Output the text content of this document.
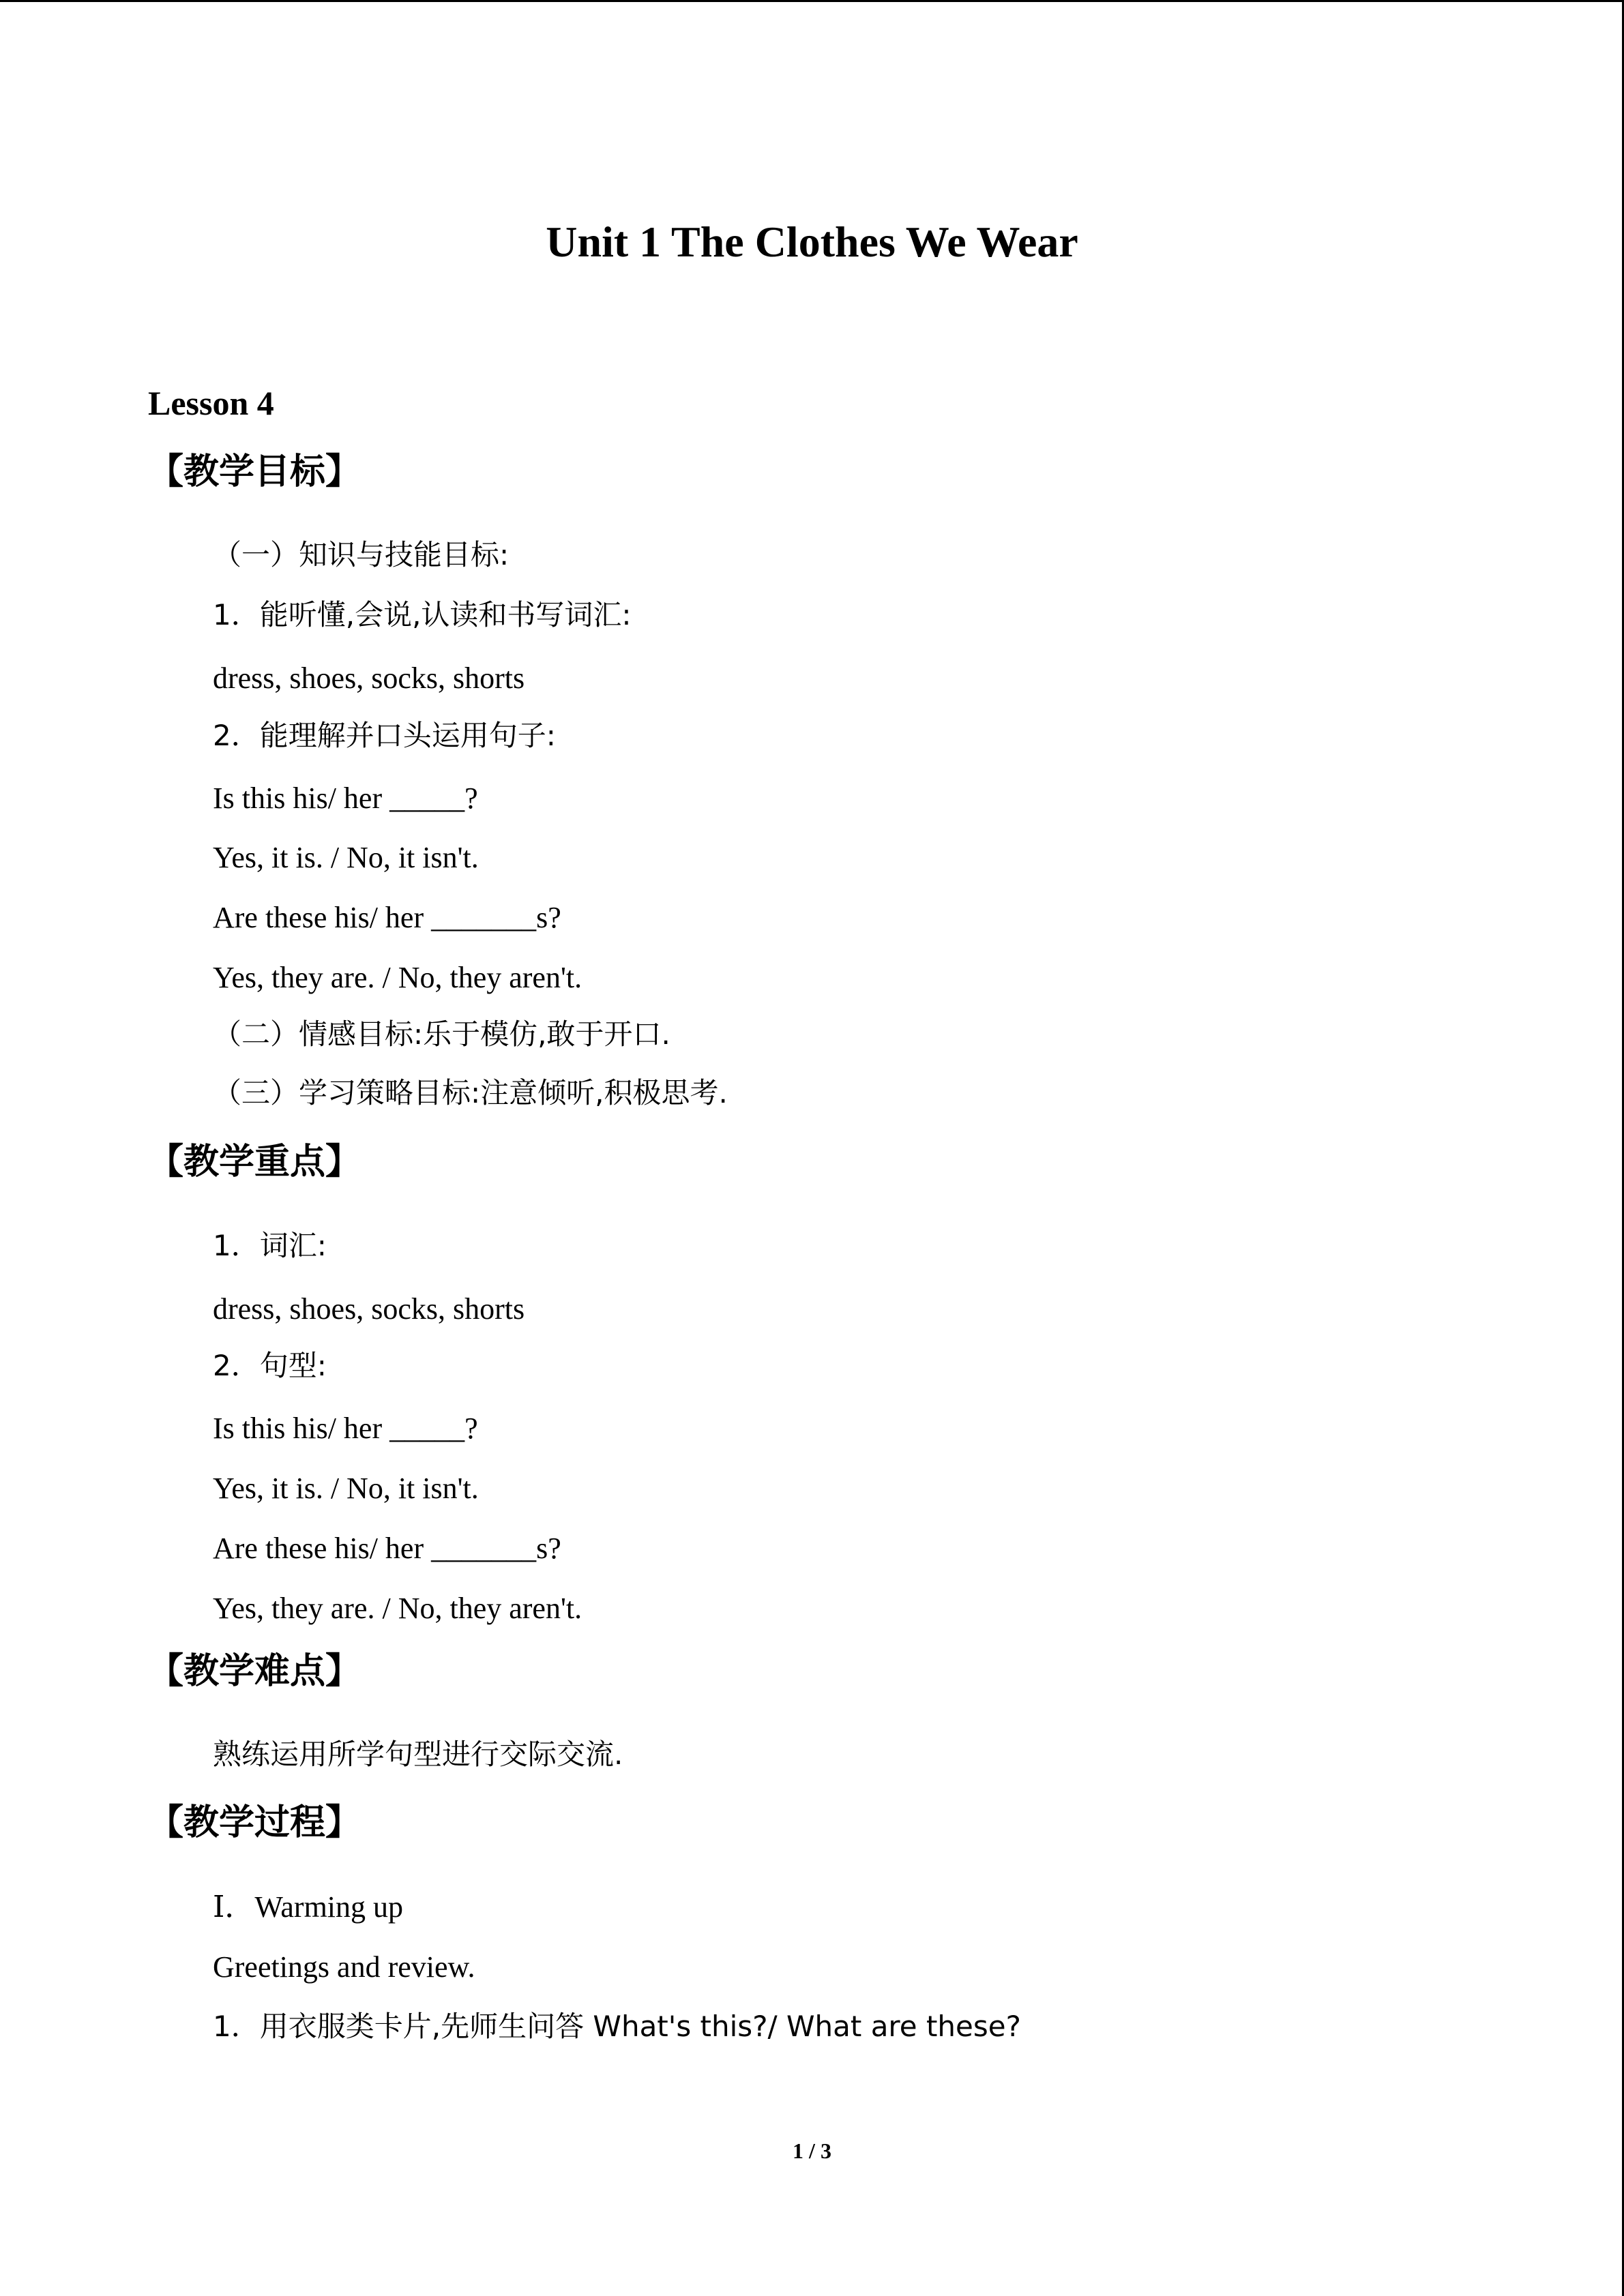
Unit 1 The Clothes We Wear
Lesson 4
【教学目标】
（一）知识与技能目标:
1．能听懂,会说,认读和书写词汇:
dress, shoes, socks, shorts
2．能理解并口头运用句子:
Is this his/ her _____?
Yes, it is. / No, it isn't.
Are these his/ her _______s?
Yes, they are. / No, they aren't.
（二）情感目标:乐于模仿,敢于开口.
（三）学习策略目标:注意倾听,积极思考.
【教学重点】
1．词汇:
dress, shoes, socks, shorts
2．句型:
Is this his/ her _____?
Yes, it is. / No, it isn't.
Are these his/ her _______s?
Yes, they are. / No, they aren't.
【教学难点】
熟练运用所学句型进行交际交流.
【教学过程】
Ⅰ．Warming up
Greetings and review.
1．用衣服类卡片,先师生问答 What's this?/ What are these?
1 / 3
